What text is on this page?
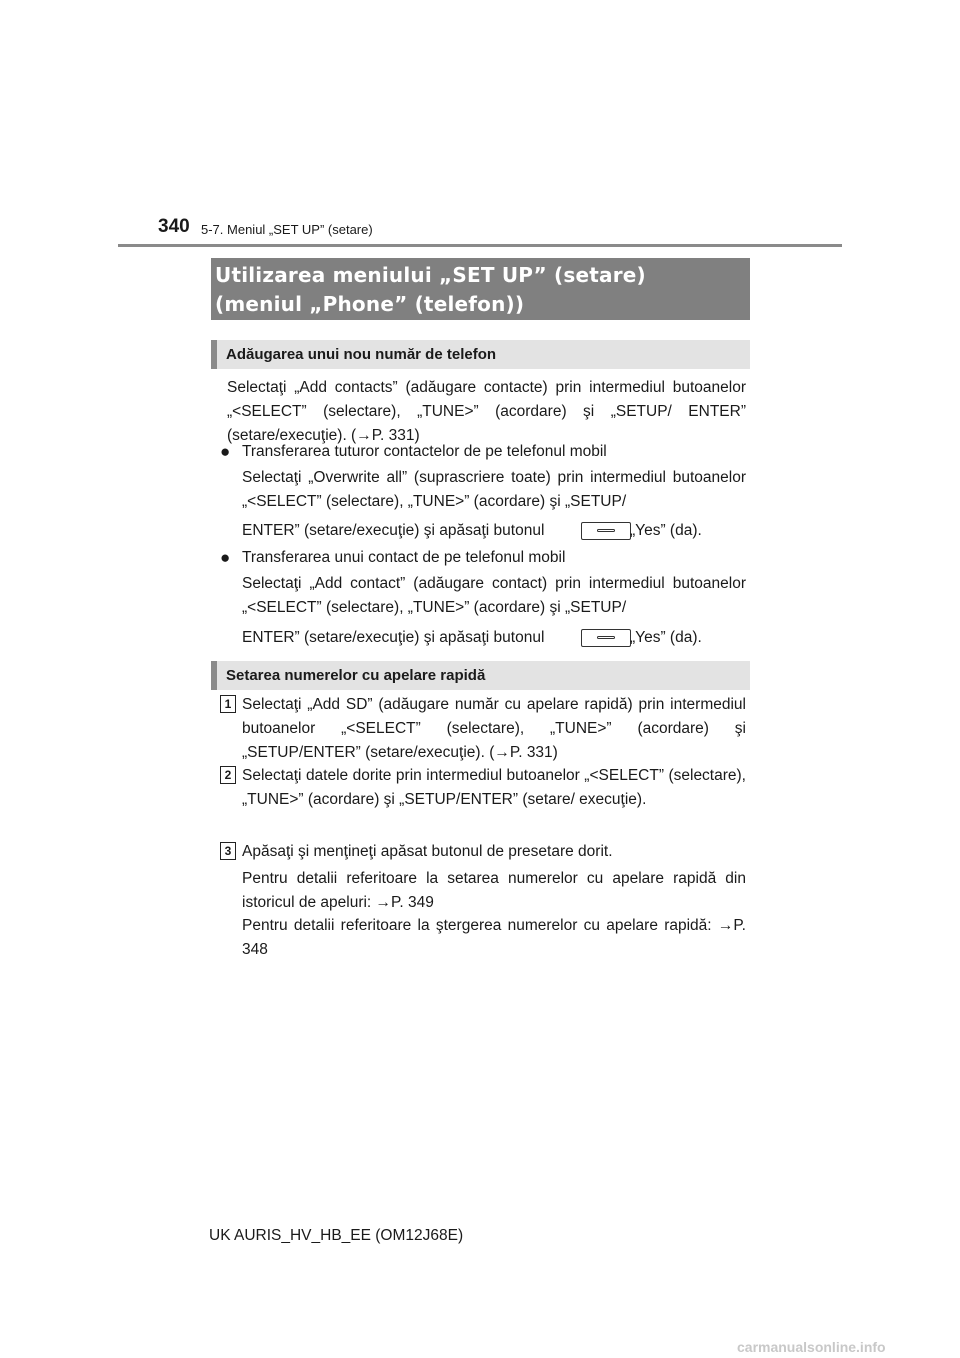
340 5-7. Meniul „SET UP” (setare)
Utilizarea meniului „SET UP” (setare)
(meniul „Phone” (telefon))
Adăugarea unui nou număr de telefon

Selectaţi „Add contacts” (adăugare contacte) prin intermediul butoanelor „<SELECT” (selectare), „TUNE>” (acordare) şi „SETUP/ ENTER” (setare/execuţie). (→P. 331)

● Transferarea tuturor contactelor de pe telefonul mobil

Selectaţi „Overwrite all” (suprascriere toate) prin intermediul butoanelor „<SELECT” (selectare), „TUNE>” (acordare) şi „SETUP/

ENTER” (setare/execuţie) şi apăsaţi butonul	„Yes” (da).
● Transferarea unui contact de pe telefonul mobil

Selectaţi „Add contact” (adăugare contact) prin intermediul butoanelor „<SELECT” (selectare), „TUNE>” (acordare) şi „SETUP/

ENTER” (setare/execuţie) şi apăsaţi butonul	„Yes” (da).
Setarea numerelor cu apelare rapidă
1 Selectaţi „Add SD” (adăugare număr cu apelare rapidă) prin intermediul butoanelor „<SELECT” (selectare), „TUNE>” (acordare) şi „SETUP/ENTER” (setare/execuţie). (→P. 331)

2 Selectaţi datele dorite prin intermediul butoanelor „<SELECT” (selectare), „TUNE>” (acordare) şi „SETUP/ENTER” (setare/ execuţie).

3 Apăsaţi şi menţineţi apăsat butonul de presetare dorit.

Pentru detalii referitoare la setarea numerelor cu apelare rapidă din istoricul de apeluri: →P. 349

Pentru detalii referitoare la ştergerea numerelor cu apelare rapidă: →P. 348

UK AURIS_HV_HB_EE (OM12J68E)
carmanualsonline.info
